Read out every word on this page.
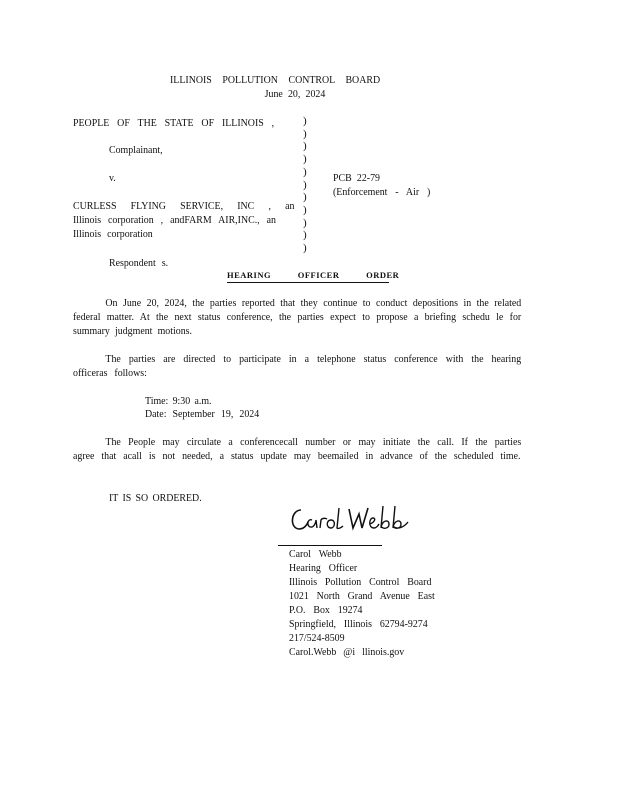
ILLINOIS POLLUTION CONTROL BOARD
June 20, 2024
PEOPLE OF THE STATE OF ILLINOIS ,
Complainant,
v.
CURLESS FLYING SERVICE, INC , an
Illinois corporation , andFARM AIR,INC., an
Illinois corporation
Respondent s.
)
)
)
)
)
)
)
)
)
)
)
PCB 22-79
(Enforcement - Air )
HEARING OFFICER ORDER
On June 20, 2024, the parties reported that they continue to conduct depositions in the related federal matter. At the next status conference, the parties expect to propose a briefing schedu le for summary judgment motions.
The parties are directed to participate in a telephone status conference with the hearing officeras follows:
Time: 9:30 a.m.
Date: September 19, 2024
The People may circulate a conferencecall number or may initiate the call. If the parties agree that acall is not needed, a status update may beemailed in advance of the scheduled time.
IT IS SO ORDERED.
Carol Webb
Hearing Officer
Illinois Pollution Control Board
1021 North Grand Avenue East
P.O. Box 19274
Springfield, Illinois 62794-9274
217/524-8509
Carol.Webb @i llinois.gov
